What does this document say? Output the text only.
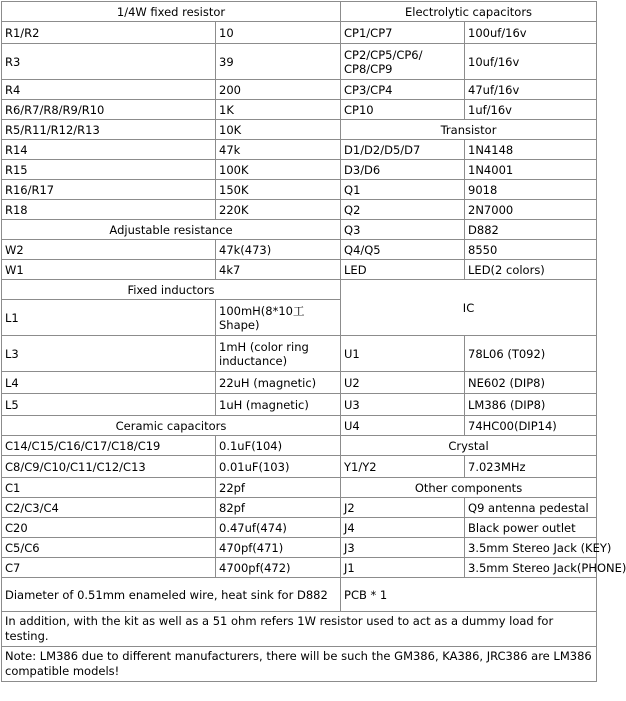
1/4W fixed resistor		Electrolytic capacitors	
R1/R2	10	CP1/CP7	100uf/16v
R3	39	CP2/CP5/CP6/ CP8/CP9	10uf/16v
R4	200	CP3/CP4	47uf/16v
R6/R7/R8/R9/R10	1K	CP10	1uf/16v
R5/R11/R12/R13	10K	Transistor	
R14	47k	D1/D2/D5/D7	1N4148
R15	100K	D3/D6	1N4001
R16/R17	150K	Q1	9018
R18	220K	Q2	2N7000
Adjustable resistance		Q3	D882
W2	47k(473)	Q4/Q5	8550
W1	4k7	LED	LED(2 colors)
Fixed inductors		IC	
L1	100mH(8*10工 Shape)		
L3	1mH (color ring inductance)	U1	78L06 (T092)
L4	22uH (magnetic)	U2	NE602 (DIP8)
L5	1uH (magnetic)	U3	LM386 (DIP8)
Ceramic capacitors		U4	74HC00(DIP14)
C14/C15/C16/C17/C18/C19	0.1uF(104)	Crystal	
C8/C9/C10/C11/C12/C13	0.01uF(103)	Y1/Y2	7.023MHz
C1	22pf	Other components	
C2/C3/C4	82pf	J2	Q9 antenna pedestal
C20	0.47uf(474)	J4	Black power outlet
C5/C6	470pf(471)	J3	3.5mm Stereo Jack (KEY)
C7	4700pf(472)	J1	3.5mm Stereo Jack(PHONE)
Diameter of 0.51mm enameled wire, heat sink for D882		PCB * 1	
In addition, with the kit as well as a 51 ohm refers 1W resistor used to act as a dummy load for testing.			
Note: LM386 due to different manufacturers, there will be such the GM386, KA386, JRC386 are LM386 compatible models!			
